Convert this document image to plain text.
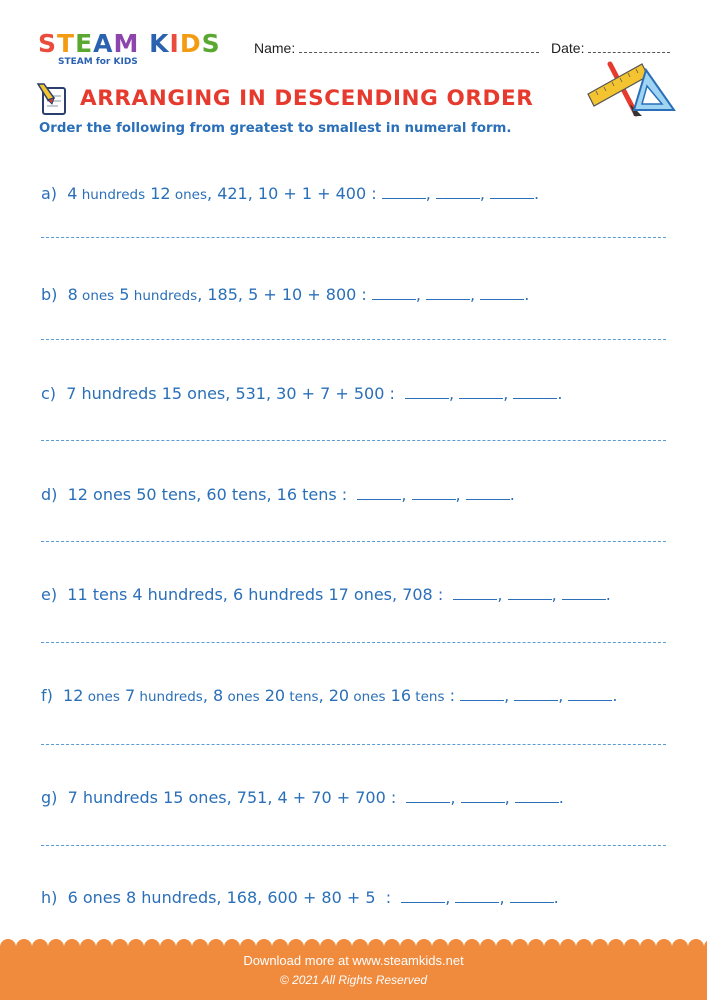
STEAM KIDS
STEAM for KIDS
Name:	Date:
ARRANGING IN DESCENDING ORDER
Order the following from greatest to smallest in numeral form.
a)  4 hundreds 12 ones, 421, 10 + 1 + 400 :	,	,	.
b)  8 ones 5 hundreds, 185, 5 + 10 + 800 :	,	,	.
c)  7 hundreds 15 ones, 531, 30 + 7 + 500 :	,	,	.
d)  12 ones 50 tens, 60 tens, 16 tens :	,	,	.
e)  11 tens 4 hundreds, 6 hundreds 17 ones, 708 :	,	,	.
f)  12 ones 7 hundreds, 8 ones 20 tens, 20 ones 16 tens :	,	,	.
g)  7 hundreds 15 ones, 751, 4 + 70 + 700 :	,	,	.
h)  6 ones 8 hundreds, 168, 600 + 80 + 5  :	,	,	.
Download more at www.steamkids.net
© 2021 All Rights Reserved
